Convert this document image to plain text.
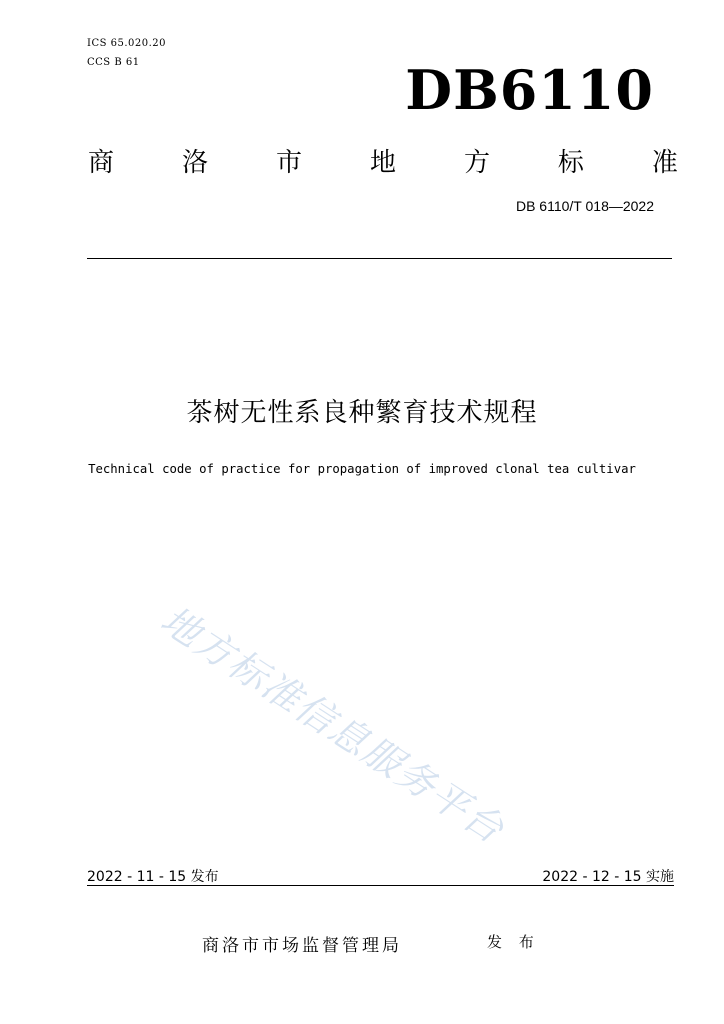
ICS 65.020.20
CCS B 61	DB6110
商	洛	市	地	方	标	准
DB 6110/T 018—2022
茶树无性系良种繁育技术规程
Technical code of practice for propagation of improved clonal tea cultivar
地方标准信息服务平台
2022 - 11 - 15 发布	2022 - 12 - 15 实施
商洛市市场监督管理局	发 布
